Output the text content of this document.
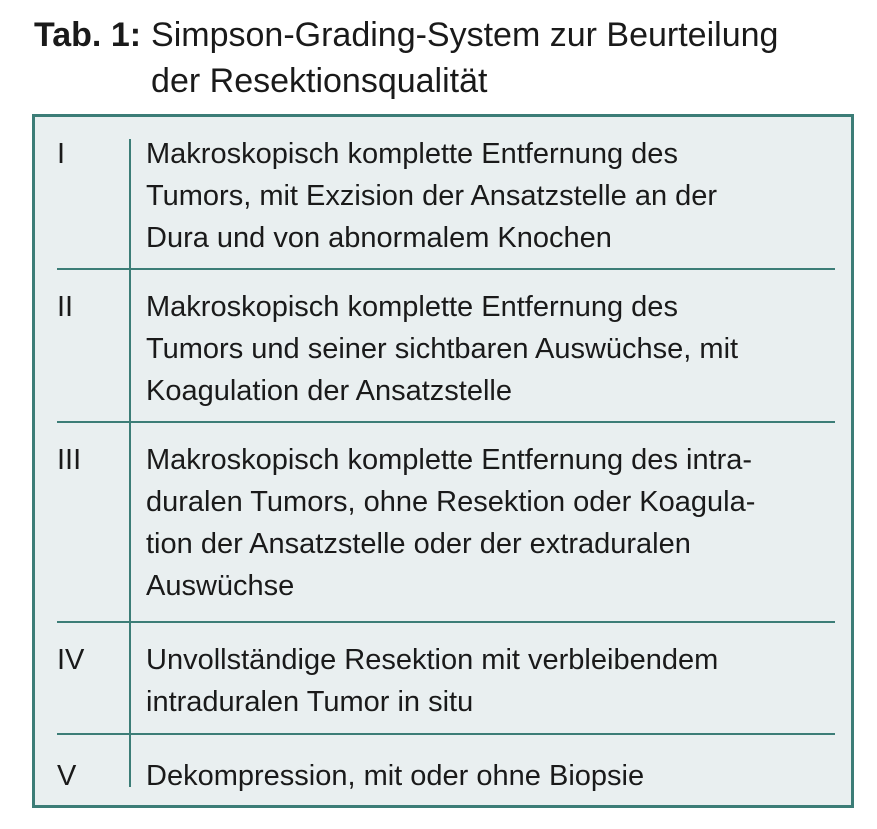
Tab. 1: Simpson-Grading-System zur Beurteilung
der Resektionsqualität
I	Makroskopisch komplette Entfernung des
Tumors, mit Exzision der Ansatzstelle an der
Dura und von abnormalem Knochen
II	Makroskopisch komplette Entfernung des
Tumors und seiner sichtbaren Auswüchse, mit
Koagulation der Ansatzstelle
III	Makroskopisch komplette Entfernung des intra-
duralen Tumors, ohne Resektion oder Koagula-
tion der Ansatzstelle oder der extraduralen
Auswüchse
IV	Unvollständige Resektion mit verbleibendem
intraduralen Tumor in situ
V	Dekompression, mit oder ohne Biopsie
